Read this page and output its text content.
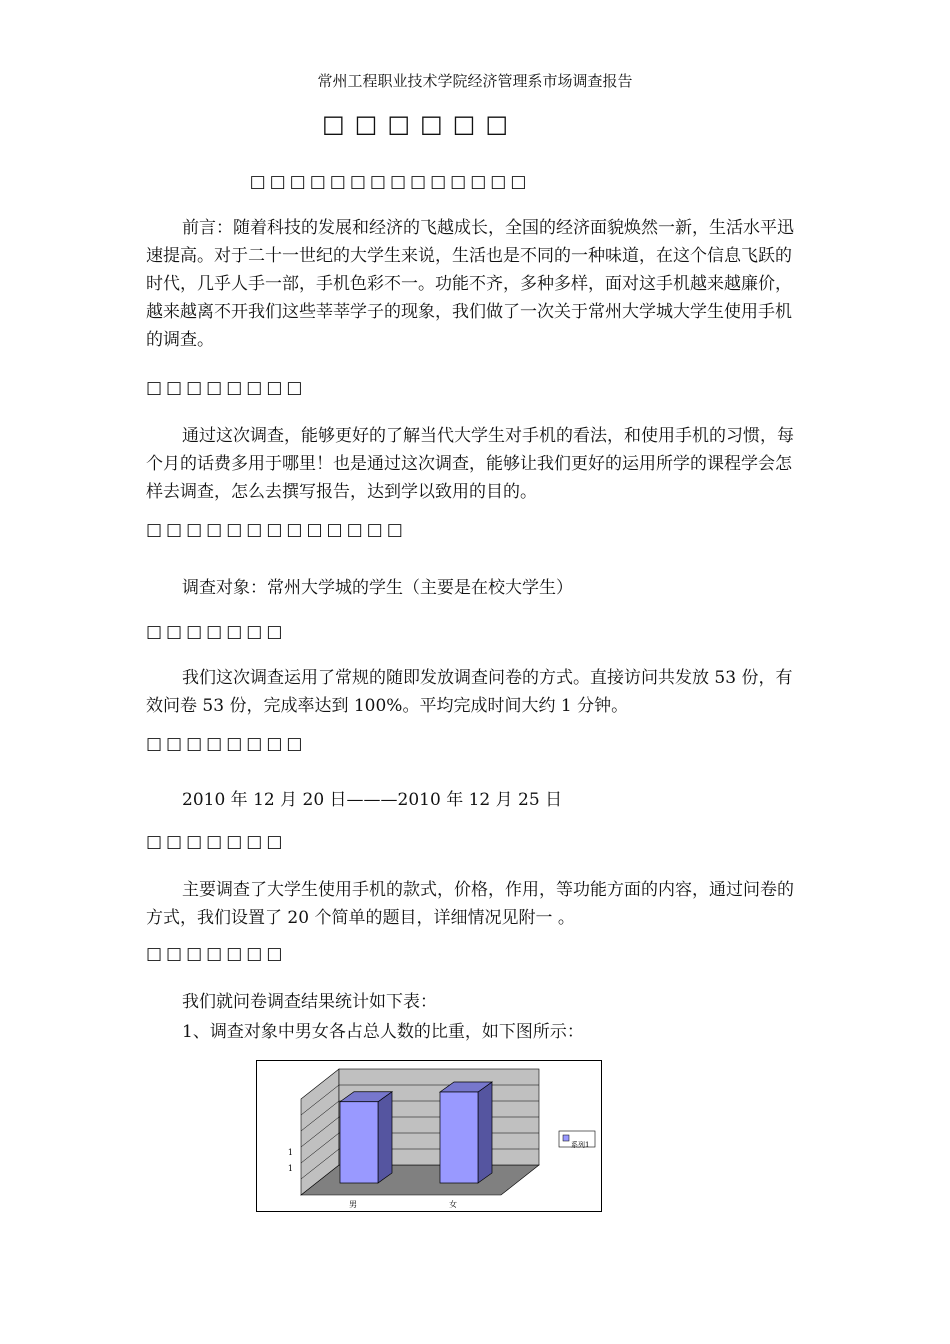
常州工程职业技术学院经济管理系市场调查报告
□□□□□□
□□□□□□□□□□□□□□

前言：随着科技的发展和经济的飞越成长，全国的经济面貌焕然一新，生活水平迅速提高。对于二十一世纪的大学生来说，生活也是不同的一种味道，在这个信息飞跃的时代，几乎人手一部，手机色彩不一。功能不齐，多种多样，面对这手机越来越廉价，越来越离不开我们这些莘莘学子的现象，我们做了一次关于常州大学城大学生使用手机的调查。

□□□□□□□□

通过这次调查，能够更好的了解当代大学生对手机的看法，和使用手机的习惯，每个月的话费多用于哪里！也是通过这次调查，能够让我们更好的运用所学的课程学会怎样去调查，怎么去撰写报告，达到学以致用的目的。

□□□□□□□□□□□□□
调查对象：常州大学城的学生（主要是在校大学生）
□□□□□□□

我们这次调查运用了常规的随即发放调查问卷的方式。直接访问共发放 53 份，有效问卷 53 份，完成率达到 100%。平均完成时间大约 1 分钟。

□□□□□□□□
2010 年 12 月 20 日———2010 年 12 月 25 日
□□□□□□□

主要调查了大学生使用手机的款式，价格，作用，等功能方面的内容，通过问卷的方式，我们设置了 20 个简单的题目，详细情况见附一 。

□□□□□□□
我们就问卷调查结果统计如下表：
1、调查对象中男女各占总人数的比重，如下图所示：
1
1
男	女
系列1
